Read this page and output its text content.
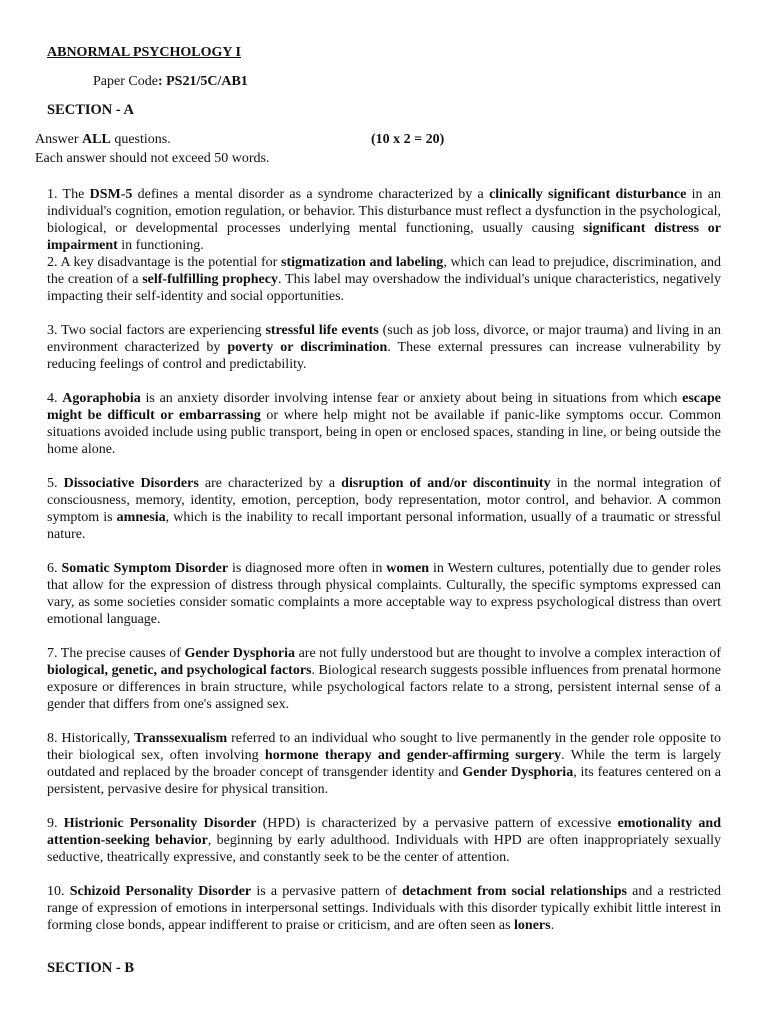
ABNORMAL PSYCHOLOGY I
Paper Code: PS21/5C/AB1
SECTION - A
Answer ALL questions.	(10 x 2 = 20)
Each answer should not exceed 50 words.

1. The DSM-5 defines a mental disorder as a syndrome characterized by a clinically significant disturbance in an individual's cognition, emotion regulation, or behavior. This disturbance must reflect a dysfunction in the psychological, biological, or developmental processes underlying mental functioning, usually causing significant distress or impairment in functioning.

2. A key disadvantage is the potential for stigmatization and labeling, which can lead to prejudice, discrimination, and the creation of a self-fulfilling prophecy. This label may overshadow the individual's unique characteristics, negatively impacting their self-identity and social opportunities.

3. Two social factors are experiencing stressful life events (such as job loss, divorce, or major trauma) and living in an environment characterized by poverty or discrimination. These external pressures can increase vulnerability by reducing feelings of control and predictability.

4. Agoraphobia is an anxiety disorder involving intense fear or anxiety about being in situations from which escape might be difficult or embarrassing or where help might not be available if panic-like symptoms occur. Common situations avoided include using public transport, being in open or enclosed spaces, standing in line, or being outside the home alone.

5. Dissociative Disorders are characterized by a disruption of and/or discontinuity in the normal integration of consciousness, memory, identity, emotion, perception, body representation, motor control, and behavior. A common symptom is amnesia, which is the inability to recall important personal information, usually of a traumatic or stressful nature.

6. Somatic Symptom Disorder is diagnosed more often in women in Western cultures, potentially due to gender roles that allow for the expression of distress through physical complaints. Culturally, the specific symptoms expressed can vary, as some societies consider somatic complaints a more acceptable way to express psychological distress than overt emotional language.

7. The precise causes of Gender Dysphoria are not fully understood but are thought to involve a complex interaction of biological, genetic, and psychological factors. Biological research suggests possible influences from prenatal hormone exposure or differences in brain structure, while psychological factors relate to a strong, persistent internal sense of a gender that differs from one's assigned sex.

8. Historically, Transsexualism referred to an individual who sought to live permanently in the gender role opposite to their biological sex, often involving hormone therapy and gender-affirming surgery. While the term is largely outdated and replaced by the broader concept of transgender identity and Gender Dysphoria, its features centered on a persistent, pervasive desire for physical transition.

9. Histrionic Personality Disorder (HPD) is characterized by a pervasive pattern of excessive emotionality and attention-seeking behavior, beginning by early adulthood. Individuals with HPD are often inappropriately sexually seductive, theatrically expressive, and constantly seek to be the center of attention.

10. Schizoid Personality Disorder is a pervasive pattern of detachment from social relationships and a restricted range of expression of emotions in interpersonal settings. Individuals with this disorder typically exhibit little interest in forming close bonds, appear indifferent to praise or criticism, and are often seen as loners.

SECTION - B
